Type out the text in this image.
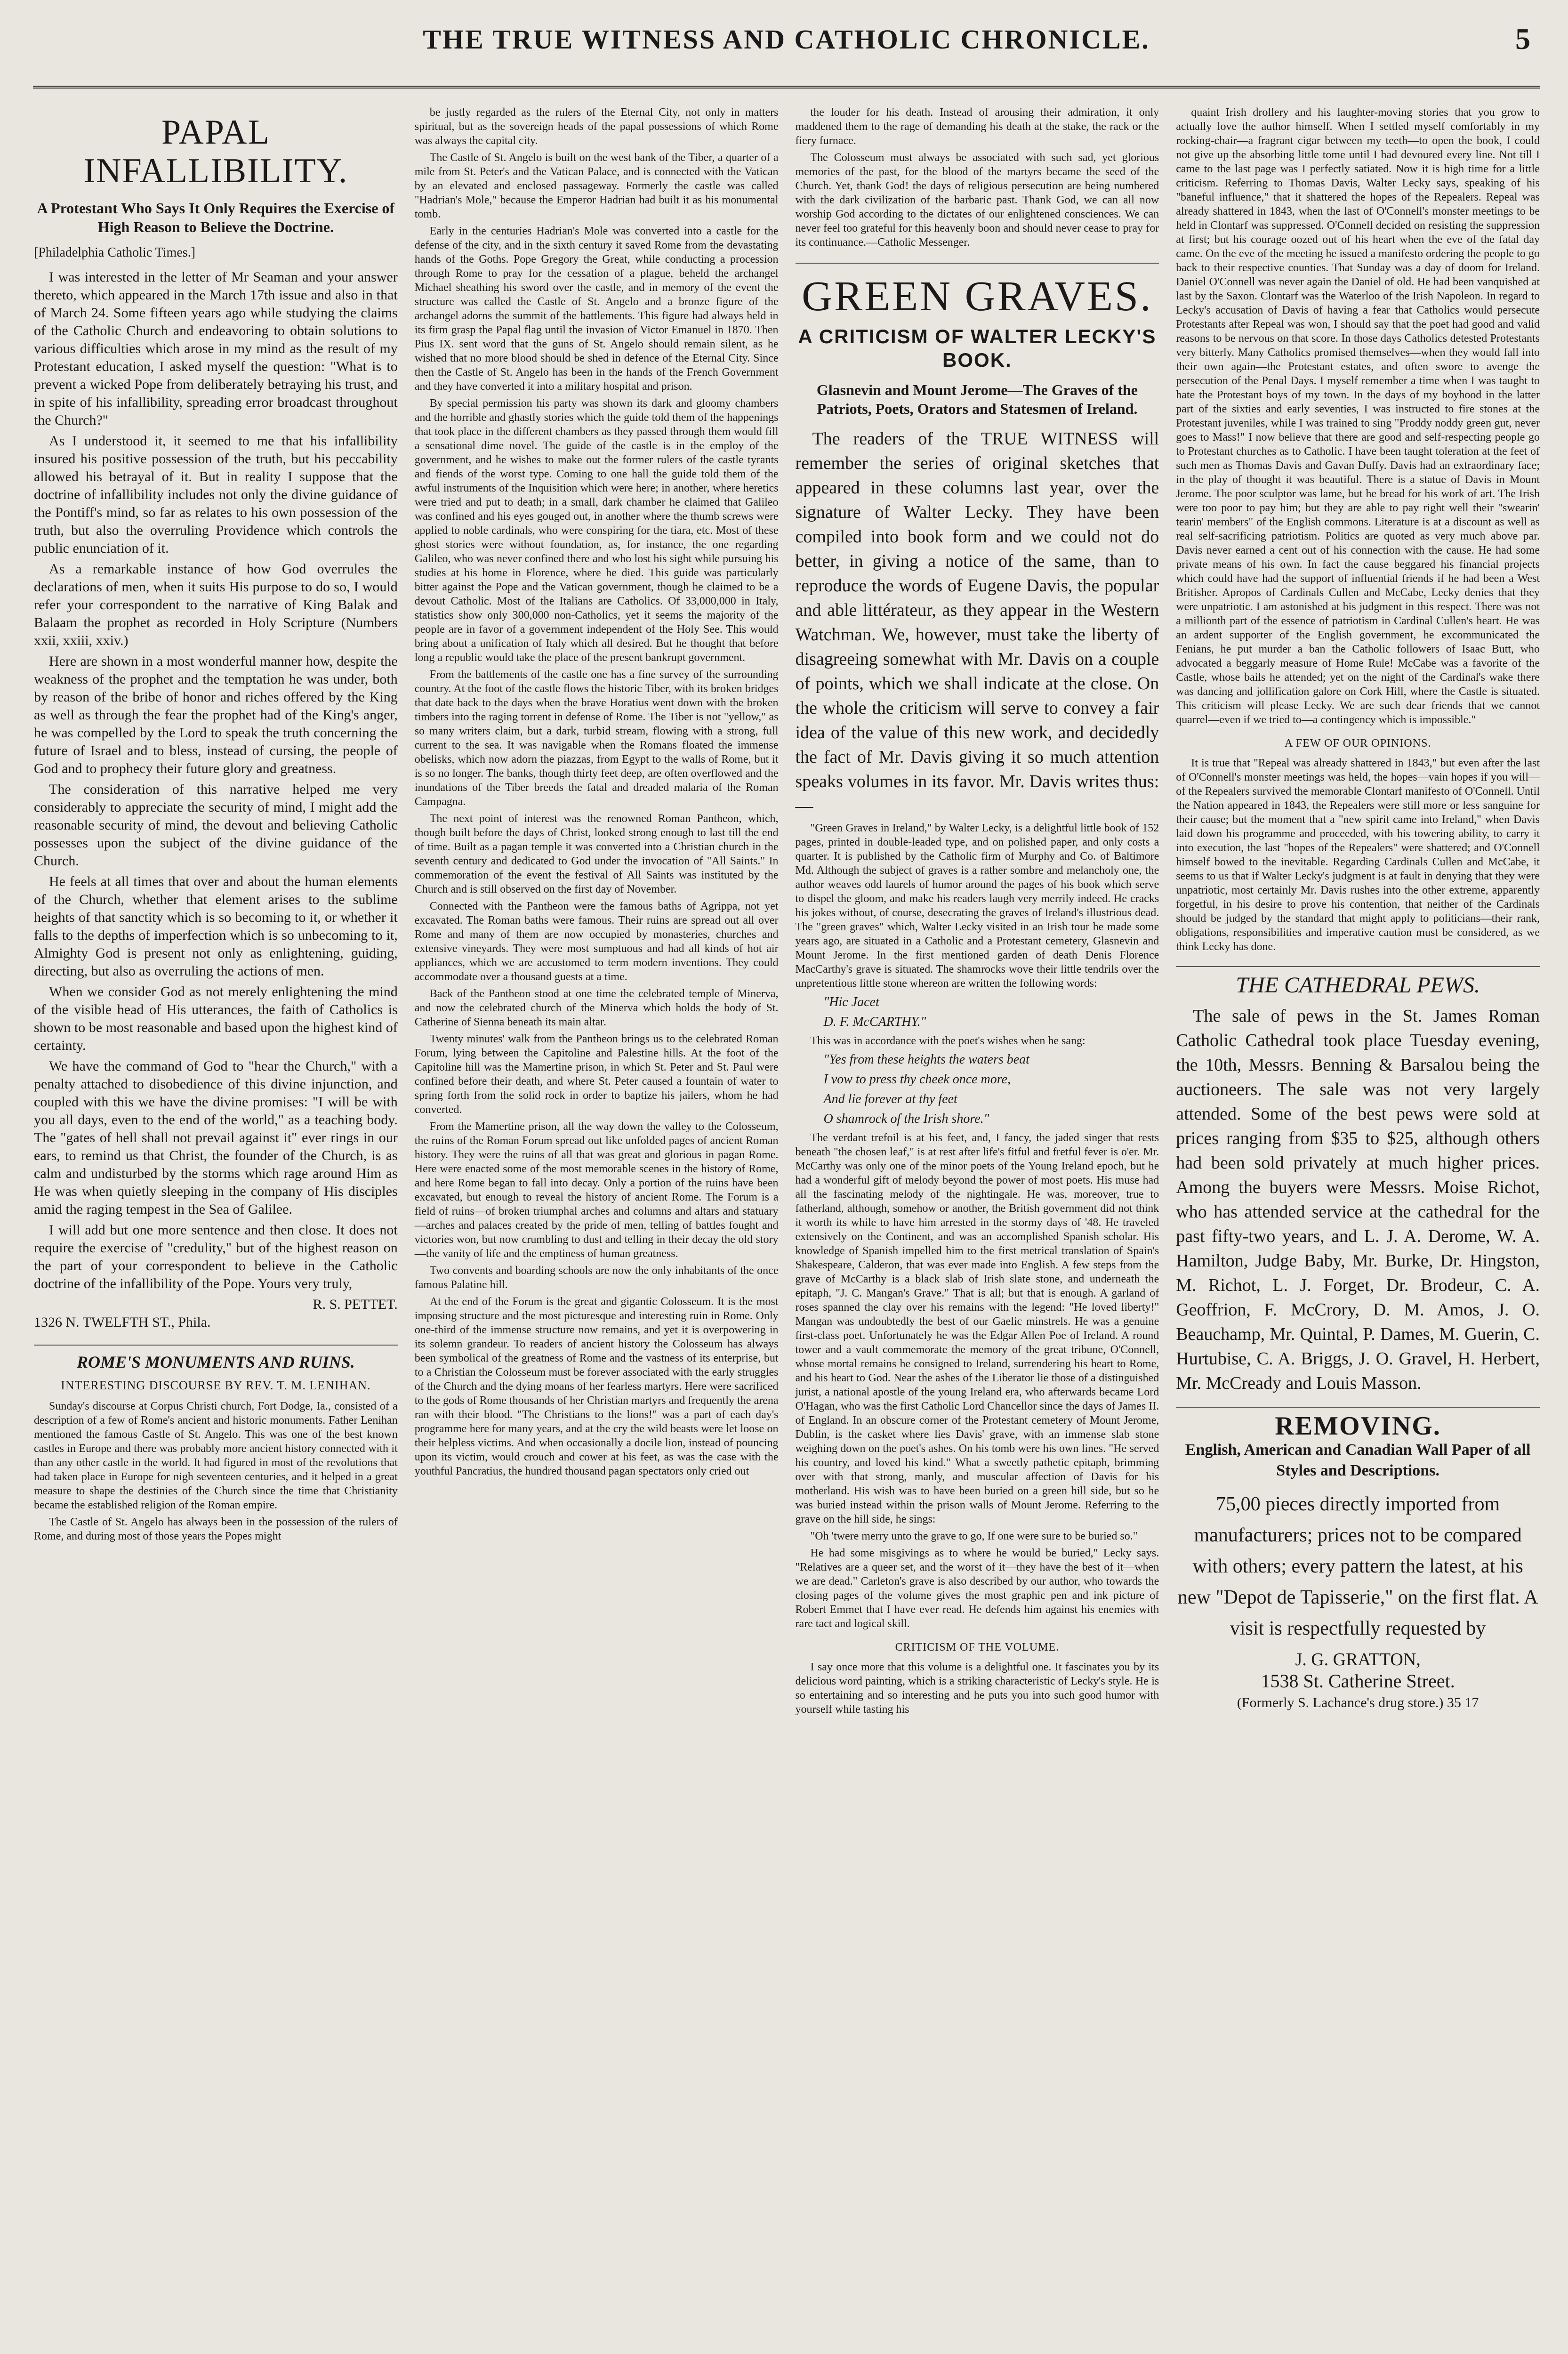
THE TRUE WITNESS AND CATHOLIC CHRONICLE.	5
PAPAL INFALLIBILITY.
A Protestant Who Says It Only Requires the Exercise of High Reason to Believe the Doctrine.
[Philadelphia Catholic Times.]

I was interested in the letter of Mr Seaman and your answer thereto, which appeared in the March 17th issue and also in that of March 24. Some fifteen years ago while studying the claims of the Catholic Church and endeavoring to obtain solutions to various difficulties which arose in my mind as the result of my Protestant education, I asked myself the question: "What is to prevent a wicked Pope from deliberately betraying his trust, and in spite of his infallibility, spreading error broadcast throughout the Church?"

As I understood it, it seemed to me that his infallibility insured his positive possession of the truth, but his peccability allowed his betrayal of it. But in reality I suppose that the doctrine of infallibility includes not only the divine guidance of the Pontiff's mind, so far as relates to his own possession of the truth, but also the overruling Providence which controls the public enunciation of it.

As a remarkable instance of how God overrules the declarations of men, when it suits His purpose to do so, I would refer your correspondent to the narrative of King Balak and Balaam the prophet as recorded in Holy Scripture (Numbers xxii, xxiii, xxiv.)

Here are shown in a most wonderful manner how, despite the weakness of the prophet and the temptation he was under, both by reason of the bribe of honor and riches offered by the King as well as through the fear the prophet had of the King's anger, he was compelled by the Lord to speak the truth concerning the future of Israel and to bless, instead of cursing, the people of God and to prophecy their future glory and greatness.

The consideration of this narrative helped me very considerably to appreciate the security of mind, I might add the reasonable security of mind, the devout and believing Catholic possesses upon the subject of the divine guidance of the Church.

He feels at all times that over and about the human elements of the Church, whether that element arises to the sublime heights of that sanctity which is so becoming to it, or whether it falls to the depths of imperfection which is so unbecoming to it, Almighty God is present not only as enlightening, guiding, directing, but also as overruling the actions of men.

When we consider God as not merely enlightening the mind of the visible head of His utterances, the faith of Catholics is shown to be most reasonable and based upon the highest kind of certainty.

We have the command of God to "hear the Church," with a penalty attached to disobedience of this divine injunction, and coupled with this we have the divine promises: "I will be with you all days, even to the end of the world," as a teaching body. The "gates of hell shall not prevail against it" ever rings in our ears, to remind us that Christ, the founder of the Church, is as calm and undisturbed by the storms which rage around Him as He was when quietly sleeping in the company of His disciples amid the raging tempest in the Sea of Galilee.

I will add but one more sentence and then close. It does not require the exercise of "credulity," but of the highest reason on the part of your correspondent to believe in the Catholic doctrine of the infallibility of the Pope. Yours very truly,

R. S. PETTET.
1326 N. TWELFTH ST., Phila.
ROME'S MONUMENTS AND RUINS.
INTERESTING DISCOURSE BY REV. T. M. LENIHAN.

Sunday's discourse at Corpus Christi church, Fort Dodge, Ia., consisted of a description of a few of Rome's ancient and historic monuments. Father Lenihan mentioned the famous Castle of St. Angelo. This was one of the best known castles in Europe and there was probably more ancient history connected with it than any other castle in the world. It had figured in most of the revolutions that had taken place in Europe for nigh seventeen centuries, and it helped in a great measure to shape the destinies of the Church since the time that Christianity became the established religion of the Roman empire.

The Castle of St. Angelo has always been in the possession of the rulers of Rome, and during most of those years the Popes might

be justly regarded as the rulers of the Eternal City, not only in matters spiritual, but as the sovereign heads of the papal possessions of which Rome was always the capital city.

The Castle of St. Angelo is built on the west bank of the Tiber, a quarter of a mile from St. Peter's and the Vatican Palace, and is connected with the Vatican by an elevated and enclosed passageway. Formerly the castle was called "Hadrian's Mole," because the Emperor Hadrian had built it as his monumental tomb.

Early in the centuries Hadrian's Mole was converted into a castle for the defense of the city, and in the sixth century it saved Rome from the devastating hands of the Goths. Pope Gregory the Great, while conducting a procession through Rome to pray for the cessation of a plague, beheld the archangel Michael sheathing his sword over the castle, and in memory of the event the structure was called the Castle of St. Angelo and a bronze figure of the archangel adorns the summit of the battlements. This figure had always held in its firm grasp the Papal flag until the invasion of Victor Emanuel in 1870. Then Pius IX. sent word that the guns of St. Angelo should remain silent, as he wished that no more blood should be shed in defence of the Eternal City. Since then the Castle of St. Angelo has been in the hands of the French Government and they have converted it into a military hospital and prison.

By special permission his party was shown its dark and gloomy chambers and the horrible and ghastly stories which the guide told them of the happenings that took place in the different chambers as they passed through them would fill a sensational dime novel. The guide of the castle is in the employ of the government, and he wishes to make out the former rulers of the castle tyrants and fiends of the worst type. Coming to one hall the guide told them of the awful instruments of the Inquisition which were here; in another, where heretics were tried and put to death; in a small, dark chamber he claimed that Galileo was confined and his eyes gouged out, in another where the thumb screws were applied to noble cardinals, who were conspiring for the tiara, etc. Most of these ghost stories were without foundation, as, for instance, the one regarding Galileo, who was never confined there and who lost his sight while pursuing his studies at his home in Florence, where he died. This guide was particularly bitter against the Pope and the Vatican government, though he claimed to be a devout Catholic. Most of the Italians are Catholics. Of 33,000,000 in Italy, statistics show only 300,000 non-Catholics, yet it seems the majority of the people are in favor of a government independent of the Holy See. This would bring about a unification of Italy which all desired. But he thought that before long a republic would take the place of the present bankrupt government.

From the battlements of the castle one has a fine survey of the surrounding country. At the foot of the castle flows the historic Tiber, with its broken bridges that date back to the days when the brave Horatius went down with the broken timbers into the raging torrent in defense of Rome. The Tiber is not "yellow," as so many writers claim, but a dark, turbid stream, flowing with a strong, full current to the sea. It was navigable when the Romans floated the immense obelisks, which now adorn the piazzas, from Egypt to the walls of Rome, but it is so no longer. The banks, though thirty feet deep, are often overflowed and the inundations of the Tiber breeds the fatal and dreaded malaria of the Roman Campagna.

The next point of interest was the renowned Roman Pantheon, which, though built before the days of Christ, looked strong enough to last till the end of time. Built as a pagan temple it was converted into a Christian church in the seventh century and dedicated to God under the invocation of "All Saints." In commemoration of the event the festival of All Saints was instituted by the Church and is still observed on the first day of November.

Connected with the Pantheon were the famous baths of Agrippa, not yet excavated. The Roman baths were famous. Their ruins are spread out all over Rome and many of them are now occupied by monasteries, churches and extensive vineyards. They were most sumptuous and had all kinds of hot air appliances, which we are accustomed to term modern inventions. They could accommodate over a thousand guests at a time.

Back of the Pantheon stood at one time the celebrated temple of Minerva, and now the celebrated church of the Minerva which holds the body of St. Catherine of Sienna beneath its main altar.

Twenty minutes' walk from the Pantheon brings us to the celebrated Roman Forum, lying between the Capitoline and Palestine hills. At the foot of the Capitoline hill was the Mamertine prison, in which St. Peter and St. Paul were confined before their death, and where St. Peter caused a fountain of water to spring forth from the solid rock in order to baptize his jailers, whom he had converted.

From the Mamertine prison, all the way down the valley to the Colosseum, the ruins of the Roman Forum spread out like unfolded pages of ancient Roman history. They were the ruins of all that was great and glorious in pagan Rome. Here were enacted some of the most memorable scenes in the history of Rome, and here Rome began to fall into decay. Only a portion of the ruins have been excavated, but enough to reveal the history of ancient Rome. The Forum is a field of ruins—of broken triumphal arches and columns and altars and statuary—arches and palaces created by the pride of men, telling of battles fought and victories won, but now crumbling to dust and telling in their decay the old story—the vanity of life and the emptiness of human greatness.

Two convents and boarding schools are now the only inhabitants of the once famous Palatine hill.

At the end of the Forum is the great and gigantic Colosseum. It is the most imposing structure and the most picturesque and interesting ruin in Rome. Only one-third of the immense structure now remains, and yet it is overpowering in its solemn grandeur. To readers of ancient history the Colosseum has always been symbolical of the greatness of Rome and the vastness of its enterprise, but to a Christian the Colosseum must be forever associated with the early struggles of the Church and the dying moans of her fearless martyrs. Here were sacrificed to the gods of Rome thousands of her Christian martyrs and frequently the arena ran with their blood. "The Christians to the lions!" was a part of each day's programme here for many years, and at the cry the wild beasts were let loose on their helpless victims. And when occasionally a docile lion, instead of pouncing upon its victim, would crouch and cower at his feet, as was the case with the youthful Pancratius, the hundred thousand pagan spectators only cried out

the louder for his death. Instead of arousing their admiration, it only maddened them to the rage of demanding his death at the stake, the rack or the fiery furnace.

The Colosseum must always be associated with such sad, yet glorious memories of the past, for the blood of the martyrs became the seed of the Church. Yet, thank God! the days of religious persecution are being numbered with the dark civilization of the barbaric past. Thank God, we can all now worship God according to the dictates of our enlightened consciences. We can never feel too grateful for this heavenly boon and should never cease to pray for its continuance.—Catholic Messenger.

GREEN GRAVES.
A CRITICISM OF WALTER LECKY'S BOOK.
Glasnevin and Mount Jerome—The Graves of the Patriots, Poets, Orators and Statesmen of Ireland.

The readers of the TRUE WITNESS will remember the series of original sketches that appeared in these columns last year, over the signature of Walter Lecky. They have been compiled into book form and we could not do better, in giving a notice of the same, than to reproduce the words of Eugene Davis, the popular and able littérateur, as they appear in the Western Watchman. We, however, must take the liberty of disagreeing somewhat with Mr. Davis on a couple of points, which we shall indicate at the close. On the whole the criticism will serve to convey a fair idea of the value of this new work, and decidedly the fact of Mr. Davis giving it so much attention speaks volumes in its favor. Mr. Davis writes thus:—

"Green Graves in Ireland," by Walter Lecky, is a delightful little book of 152 pages, printed in double-leaded type, and on polished paper, and only costs a quarter. It is published by the Catholic firm of Murphy and Co. of Baltimore Md. Although the subject of graves is a rather sombre and melancholy one, the author weaves odd laurels of humor around the pages of his book which serve to dispel the gloom, and make his readers laugh very merrily indeed. He cracks his jokes without, of course, desecrating the graves of Ireland's illustrious dead. The "green graves" which, Walter Lecky visited in an Irish tour he made some years ago, are situated in a Catholic and a Protestant cemetery, Glasnevin and Mount Jerome. In the first mentioned garden of death Denis Florence MacCarthy's grave is situated. The shamrocks wove their little tendrils over the unpretentious little stone whereon are written the following words:

"Hic Jacet
D. F. McCARTHY."

This was in accordance with the poet's wishes when he sang:

"Yes from these heights the waters beat
I vow to press thy cheek once more,
And lie forever at thy feet
O shamrock of the Irish shore."

The verdant trefoil is at his feet, and, I fancy, the jaded singer that rests beneath "the chosen leaf," is at rest after life's fitful and fretful fever is o'er. Mr. McCarthy was only one of the minor poets of the Young Ireland epoch, but he had a wonderful gift of melody beyond the power of most poets. His muse had all the fascinating melody of the nightingale. He was, moreover, true to fatherland, although, somehow or another, the British government did not think it worth its while to have him arrested in the stormy days of '48. He traveled extensively on the Continent, and was an accomplished Spanish scholar. His knowledge of Spanish impelled him to the first metrical translation of Spain's Shakespeare, Calderon, that was ever made into English. A few steps from the grave of McCarthy is a black slab of Irish slate stone, and underneath the epitaph, "J. C. Mangan's Grave." That is all; but that is enough. A garland of roses spanned the clay over his remains with the legend: "He loved liberty!" Mangan was undoubtedly the best of our Gaelic minstrels. He was a genuine first-class poet. Unfortunately he was the Edgar Allen Poe of Ireland. A round tower and a vault commemorate the memory of the great tribune, O'Connell, whose mortal remains he consigned to Ireland, surrendering his heart to Rome, and his heart to God. Near the ashes of the Liberator lie those of a distinguished jurist, a national apostle of the young Ireland era, who afterwards became Lord O'Hagan, who was the first Catholic Lord Chancellor since the days of James II. of England. In an obscure corner of the Protestant cemetery of Mount Jerome, Dublin, is the casket where lies Davis' grave, with an immense slab stone weighing down on the poet's ashes. On his tomb were his own lines. "He served his country, and loved his kind." What a sweetly pathetic epitaph, brimming over with that strong, manly, and muscular affection of Davis for his motherland. His wish was to have been buried on a green hill side, but so he was buried instead within the prison walls of Mount Jerome. Referring to the grave on the hill side, he sings:

"Oh 'twere merry unto the grave to go, If one were sure to be buried so."

He had some misgivings as to where he would be buried," Lecky says. "Relatives are a queer set, and the worst of it—they have the best of it—when we are dead." Carleton's grave is also described by our author, who towards the closing pages of the volume gives the most graphic pen and ink picture of Robert Emmet that I have ever read. He defends him against his enemies with rare tact and logical skill.

CRITICISM OF THE VOLUME.

I say once more that this volume is a delightful one. It fascinates you by its delicious word painting, which is a striking characteristic of Lecky's style. He is so entertaining and so interesting and he puts you into such good humor with yourself while tasting his

quaint Irish drollery and his laughter-moving stories that you grow to actually love the author himself. When I settled myself comfortably in my rocking-chair—a fragrant cigar between my teeth—to open the book, I could not give up the absorbing little tome until I had devoured every line. Not till I came to the last page was I perfectly satiated. Now it is high time for a little criticism. Referring to Thomas Davis, Walter Lecky says, speaking of his "baneful influence," that it shattered the hopes of the Repealers. Repeal was already shattered in 1843, when the last of O'Connell's monster meetings to be held in Clontarf was suppressed. O'Connell decided on resisting the suppression at first; but his courage oozed out of his heart when the eve of the fatal day came. On the eve of the meeting he issued a manifesto ordering the people to go back to their respective counties. That Sunday was a day of doom for Ireland. Daniel O'Connell was never again the Daniel of old. He had been vanquished at last by the Saxon. Clontarf was the Waterloo of the Irish Napoleon. In regard to Lecky's accusation of Davis of having a fear that Catholics would persecute Protestants after Repeal was won, I should say that the poet had good and valid reasons to be nervous on that score. In those days Catholics detested Protestants very bitterly. Many Catholics promised themselves—when they would fall into their own again—the Protestant estates, and often swore to avenge the persecution of the Penal Days. I myself remember a time when I was taught to hate the Protestant boys of my town. In the days of my boyhood in the latter part of the sixties and early seventies, I was instructed to fire stones at the Protestant juveniles, while I was trained to sing "Proddy noddy green gut, never goes to Mass!" I now believe that there are good and self-respecting people go to Protestant churches as to Catholic. I have been taught toleration at the feet of such men as Thomas Davis and Gavan Duffy. Davis had an extraordinary face; in the play of thought it was beautiful. There is a statue of Davis in Mount Jerome. The poor sculptor was lame, but he bread for his work of art. The Irish were too poor to pay him; but they are able to pay right well their "swearin' tearin' members" of the English commons. Literature is at a discount as well as real self-sacrificing patriotism. Politics are quoted as very much above par. Davis never earned a cent out of his connection with the cause. He had some private means of his own. In fact the cause beggared his financial projects which could have had the support of influential friends if he had been a West Britisher. Apropos of Cardinals Cullen and McCabe, Lecky denies that they were unpatriotic. I am astonished at his judgment in this respect. There was not a millionth part of the essence of patriotism in Cardinal Cullen's heart. He was an ardent supporter of the English government, he excommunicated the Fenians, he put murder a ban the Catholic followers of Isaac Butt, who advocated a beggarly measure of Home Rule! McCabe was a favorite of the Castle, whose bails he attended; yet on the night of the Cardinal's wake there was dancing and jollification galore on Cork Hill, where the Castle is situated. This criticism will please Lecky. We are such dear friends that we cannot quarrel—even if we tried to—a contingency which is impossible."

A FEW OF OUR OPINIONS.

It is true that "Repeal was already shattered in 1843," but even after the last of O'Connell's monster meetings was held, the hopes—vain hopes if you will—of the Repealers survived the memorable Clontarf manifesto of O'Connell. Until the Nation appeared in 1843, the Repealers were still more or less sanguine for their cause; but the moment that a "new spirit came into Ireland," when Davis laid down his programme and proceeded, with his towering ability, to carry it into execution, the last "hopes of the Repealers" were shattered; and O'Connell himself bowed to the inevitable. Regarding Cardinals Cullen and McCabe, it seems to us that if Walter Lecky's judgment is at fault in denying that they were unpatriotic, most certainly Mr. Davis rushes into the other extreme, apparently forgetful, in his desire to prove his contention, that neither of the Cardinals should be judged by the standard that might apply to politicians—their rank, obligations, responsibilities and imperative caution must be considered, as we think Lecky has done.

THE CATHEDRAL PEWS.

The sale of pews in the St. James Roman Catholic Cathedral took place Tuesday evening, the 10th, Messrs. Benning & Barsalou being the auctioneers. The sale was not very largely attended. Some of the best pews were sold at prices ranging from $35 to $25, although others had been sold privately at much higher prices. Among the buyers were Messrs. Moise Richot, who has attended service at the cathedral for the past fifty-two years, and L. J. A. Derome, W. A. Hamilton, Judge Baby, Mr. Burke, Dr. Hingston, M. Richot, L. J. Forget, Dr. Brodeur, C. A. Geoffrion, F. McCrory, D. M. Amos, J. O. Beauchamp, Mr. Quintal, P. Dames, M. Guerin, C. Hurtubise, C. A. Briggs, J. O. Gravel, H. Herbert, Mr. McCready and Louis Masson.

REMOVING.
English, American and Canadian Wall Paper of all Styles and Descriptions.
75,00 pieces directly imported from manufacturers; prices not to be compared with others; every pattern the latest, at his new "Depot de Tapisserie," on the first flat. A visit is respectfully requested by
J. G. GRATTON,
1538 St. Catherine Street.
(Formerly S. Lachance's drug store.) 35 17
